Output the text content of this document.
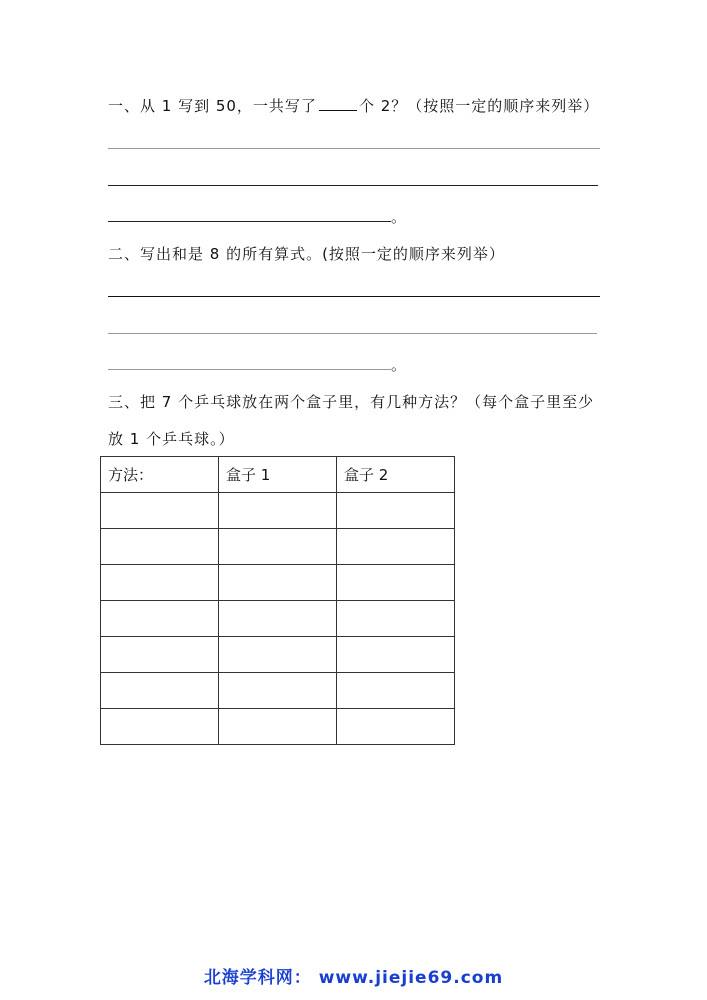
一、从 1 写到 50，一共写了	个 2？（按照一定的顺序来列举）
。
二、写出和是 8 的所有算式。(按照一定的顺序来列举）
。
三、把 7 个乒乓球放在两个盒子里，有几种方法？（每个盒子里至少
放 1 个乒乓球。）
方法：	盒子 1	盒子 2

北海学科网： www.jiejie69.com
